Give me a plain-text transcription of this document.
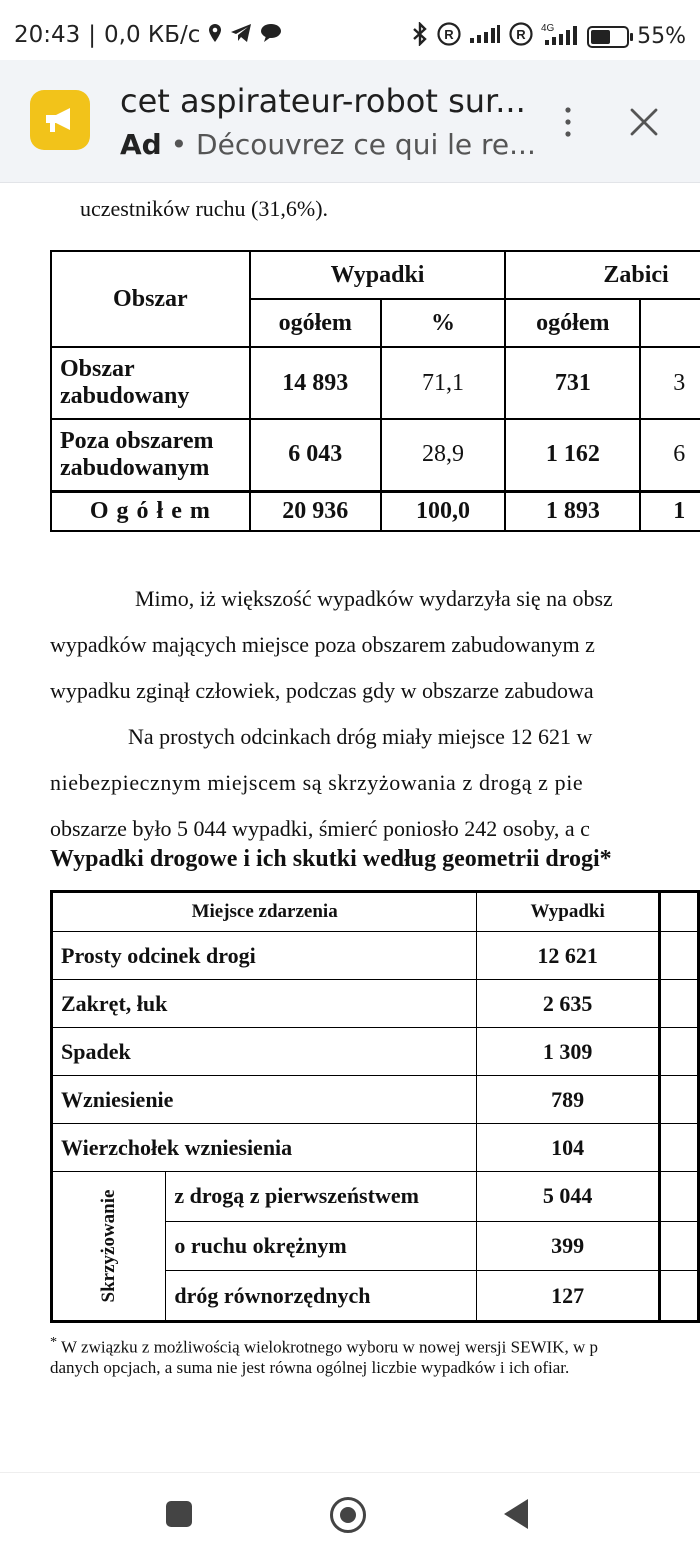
20:43 | 0,0 КБ/с	R	R 4G	55%
cet aspirateur-robot sur...
Ad • Découvrez ce qui le re...
uczestników ruchu (31,6%).
Obszar	Wypadki		Zabici	
	ogółem	%	ogółem	
Obszar zabudowany	14 893	71,1	731	3
Poza obszarem zabudowanym	6 043	28,9	1 162	6
O g ó ł e m	20 936	100,0	1 893	1
Mimo, iż większość wypadków wydarzyła się na obsz
wypadków mających miejsce poza obszarem zabudowanym z
wypadku zginął człowiek, podczas gdy w obszarze zabudowa
Na prostych odcinkach dróg miały miejsce 12 621 w
niebezpiecznym miejscem są skrzyżowania z drogą z pie
obszarze było 5 044 wypadki, śmierć poniosło 242 osoby, a c
Wypadki drogowe i ich skutki według geometrii drogi*
Miejsce zdarzenia		Wypadki	
Prosty odcinek drogi		12 621	
Zakręt, łuk		2 635	
Spadek		1 309	
Wzniesienie		789	
Wierzchołek wzniesienia		104	

Skrzyżowanie	z drogą z pierwszeństwem	5 044	
	o ruchu okrężnym	399	
	dróg równorzędnych	127	
* W związku z możliwością wielokrotnego wyboru w nowej wersji SEWIK, w p
danych opcjach, a suma nie jest równa ogólnej liczbie wypadków i ich ofiar.
